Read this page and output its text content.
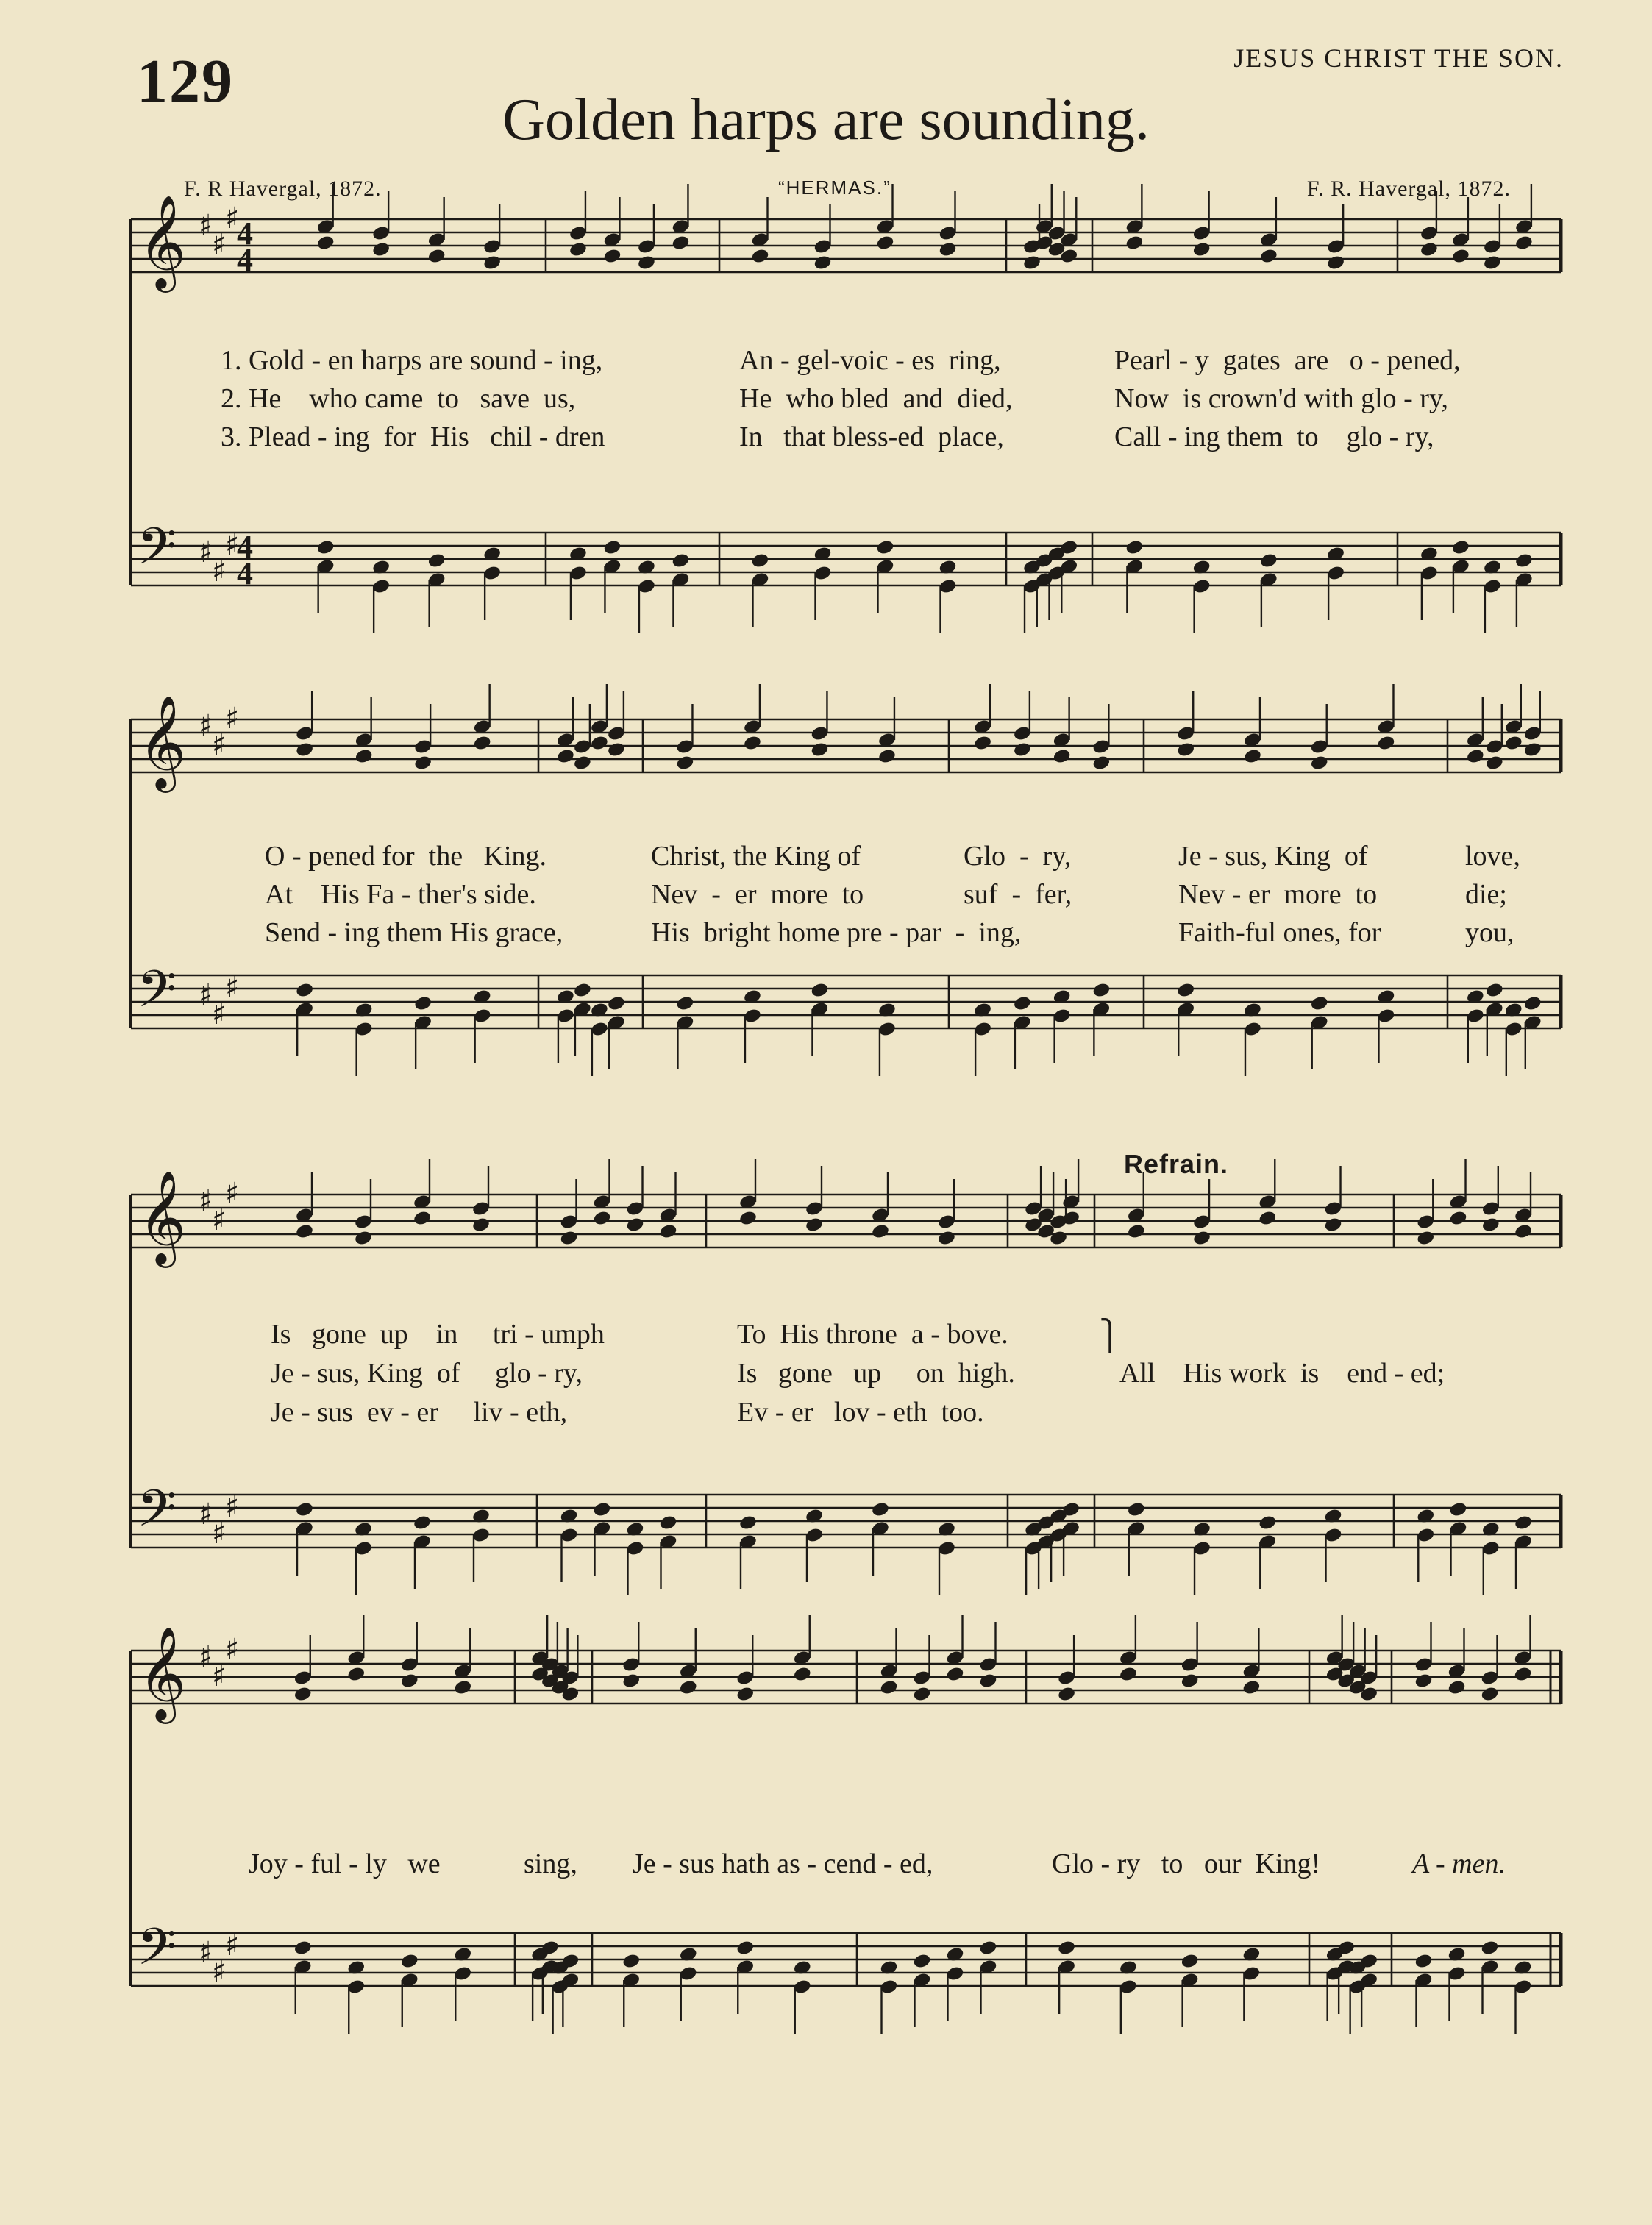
129	JESUS CHRIST THE SON.
Golden harps are sounding.
F. R Havergal, 1872.	“HERMAS.”	F. R. Havergal, 1872.
Refrain.
𝄞
𝄢
♯
♯
♯
♯
♯
♯
4
4
4
4
𝄞
𝄢
♯
♯
♯
♯
♯
♯
𝄞
𝄢
♯
♯
♯
♯
♯
♯
𝄞
𝄢
♯
♯
♯
♯
♯
♯
1. Gold - en harps are sound - ing,	An - gel-voic - es  ring,	Pearl - y  gates  are   o - pened,
2. He    who came  to   save  us,	He  who bled  and  died,	Now  is crown'd with glo - ry,
3. Plead - ing  for  His   chil - dren	In   that bless-ed  place,	Call - ing them  to    glo - ry,
O - pened for  the   King.	Christ, the King of	Glo  -  ry,	Je - sus, King  of	love,
At    His Fa - ther's side.	Nev  -  er  more  to	suf  -  fer,	Nev - er  more  to	die;
Send - ing them His grace,	His  bright home pre - par  -  ing,	Faith-ful ones, for	you,
Is   gone  up    in     tri - umph	To  His throne  a - bove.
Je - sus, King  of     glo - ry,	Is   gone   up     on  high.
Je - sus  ev - er     liv - eth,	Ev - er   lov - eth  too.
All    His work  is    end - ed;
⎫
Joy - ful - ly   we	sing, Je - sus hath as - cend - ed,	Glo - ry   to   our  King!	A - men.
